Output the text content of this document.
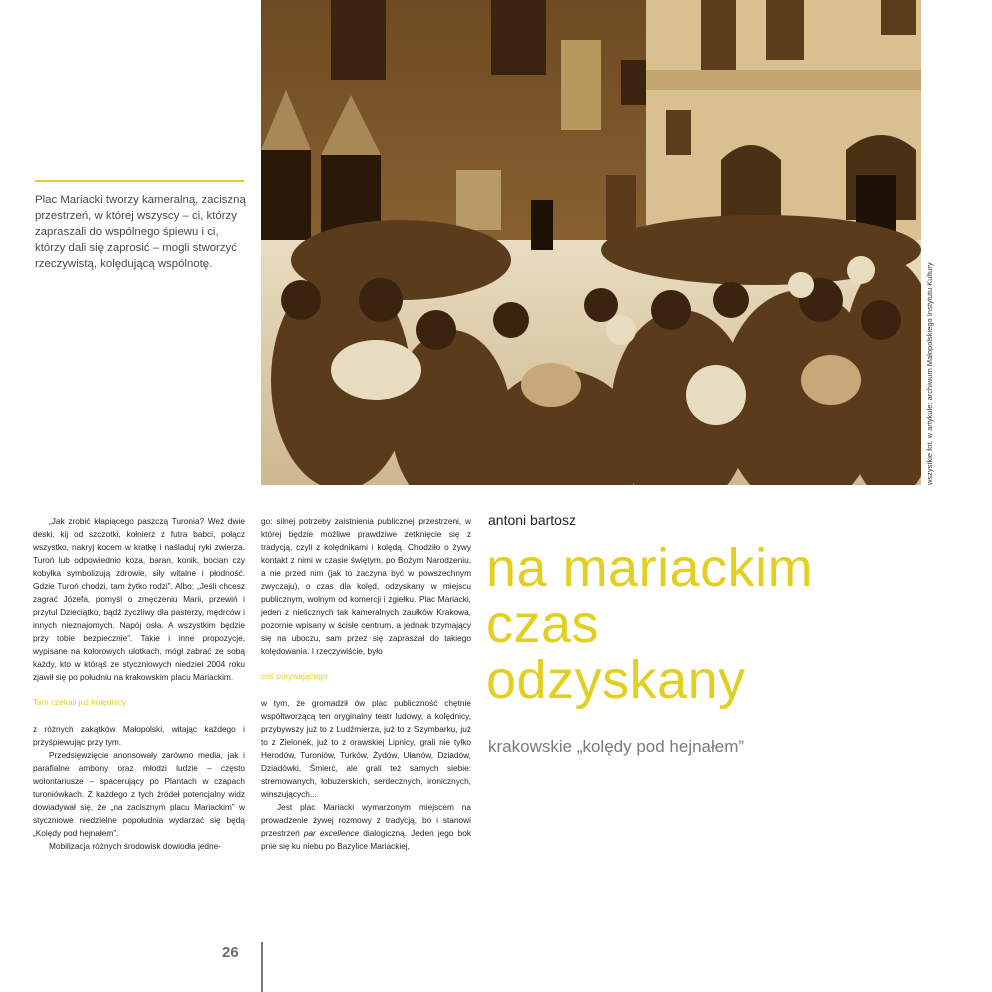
wszystkie fot. w artykule: archiwum Małopolskiego Instytutu Kultury
Plac Mariacki tworzy kameralną, zaciszną przestrzeń, w której wszyscy – ci, którzy zapraszali do wspólnego śpiewu i ci, którzy dali się zaprosić – mogli stworzyć rzeczywistą, kolędującą wspólnotę.

„Jak zrobić kłapiącego paszczą Turonia? Weź dwie deski, kij od szczotki, kołnierz z futra babci, połącz wszystko, nakryj kocem w kratkę i naśladuj ryki zwierza. Turoń lub odpowiednio koza, baran, konik, bocian czy kobyłka symbolizują zdrowie, siły witalne i płodność. Gdzie Turoń chodzi, tam żytko rodzi”. Albo: „Jeśli chcesz zagrać Józefa, pomyśl o zmęczeniu Marii, przewiń i przytul Dzieciątko, bądź życzliwy dla pasterzy, mędrców i innych nieznajomych. Napój osła. A wszystkim będzie przy tobie bezpiecznie”. Takie i inne propozycje, wypisane na kolorowych ulotkach, mógł zabrać ze sobą każdy, kto w którąś ze styczniowych niedziel 2004 roku zjawił się po południu na krakowskim placu Mariackim.

Tam czekali już kolędnicy

z różnych zakątków Małopolski, witając każdego i przyśpiewując przy tym.

Przedsięwzięcie anonsowały zarówno media, jak i parafialne ambony oraz młodzi ludzie – często wolontariusze – spacerujący po Plantach w czapach turoniówkach. Z każdego z tych źródeł potencjalny widz dowiadywał się, że „na zacisznym placu Mariackim” w styczniowe niedzielne popołudnia wydarzać się będą „Kolędy pod hejnałem”.

Mobilizacja różnych środowisk dowiodła jedne-

go: silnej potrzeby zaistnienia publicznej przestrzeni, w której będzie możliwe prawdziwe zetknięcie się z tradycją, czyli z kolędnikami i kolędą. Chodziło o żywy kontakt z nimi w czasie świętym, po Bożym Narodzeniu, a nie przed nim (jak to zaczyna być w powszechnym zwyczaju), o czas dla kolęd, odzyskany w miejscu publicznym, wolnym od komercji i zgiełku. Plac Mariacki, jeden z nielicznych tak kameralnych zaułków Krakowa, pozornie wpisany w ścisłe centrum, a jednak trzymający się na uboczu, sam przez się zapraszał do takiego kolędowania. I rzeczywiście, było

coś porywającego

w tym, że gromadził ów plac publiczność chętnie współtworzącą ten oryginalny teatr ludowy, a kolędnicy, przybywszy już to z Ludźmierza, już to z Szymbarku, już to z Zielonek, już to z orawskiej Lipnicy, grali nie tylko Herodów, Turoniów, Turków, Żydów, Ułanów, Dziadów, Dziadówki, Śmierć, ale grali też samych siebie: stremowanych, łobuzerskich, serdecznych, ironicznych, winszujących...

Jest plac Mariacki wymarzonym miejscem na prowadzenie żywej rozmowy z tradycją, bo i stanowi przestrzeń par excellence dialogiczną. Jeden jego bok pnie się ku niebu po Bazylice Mariackiej,

antoni bartosz
na mariackim
czas
odzyskany
krakowskie „kolędy pod hejnałem”
26
